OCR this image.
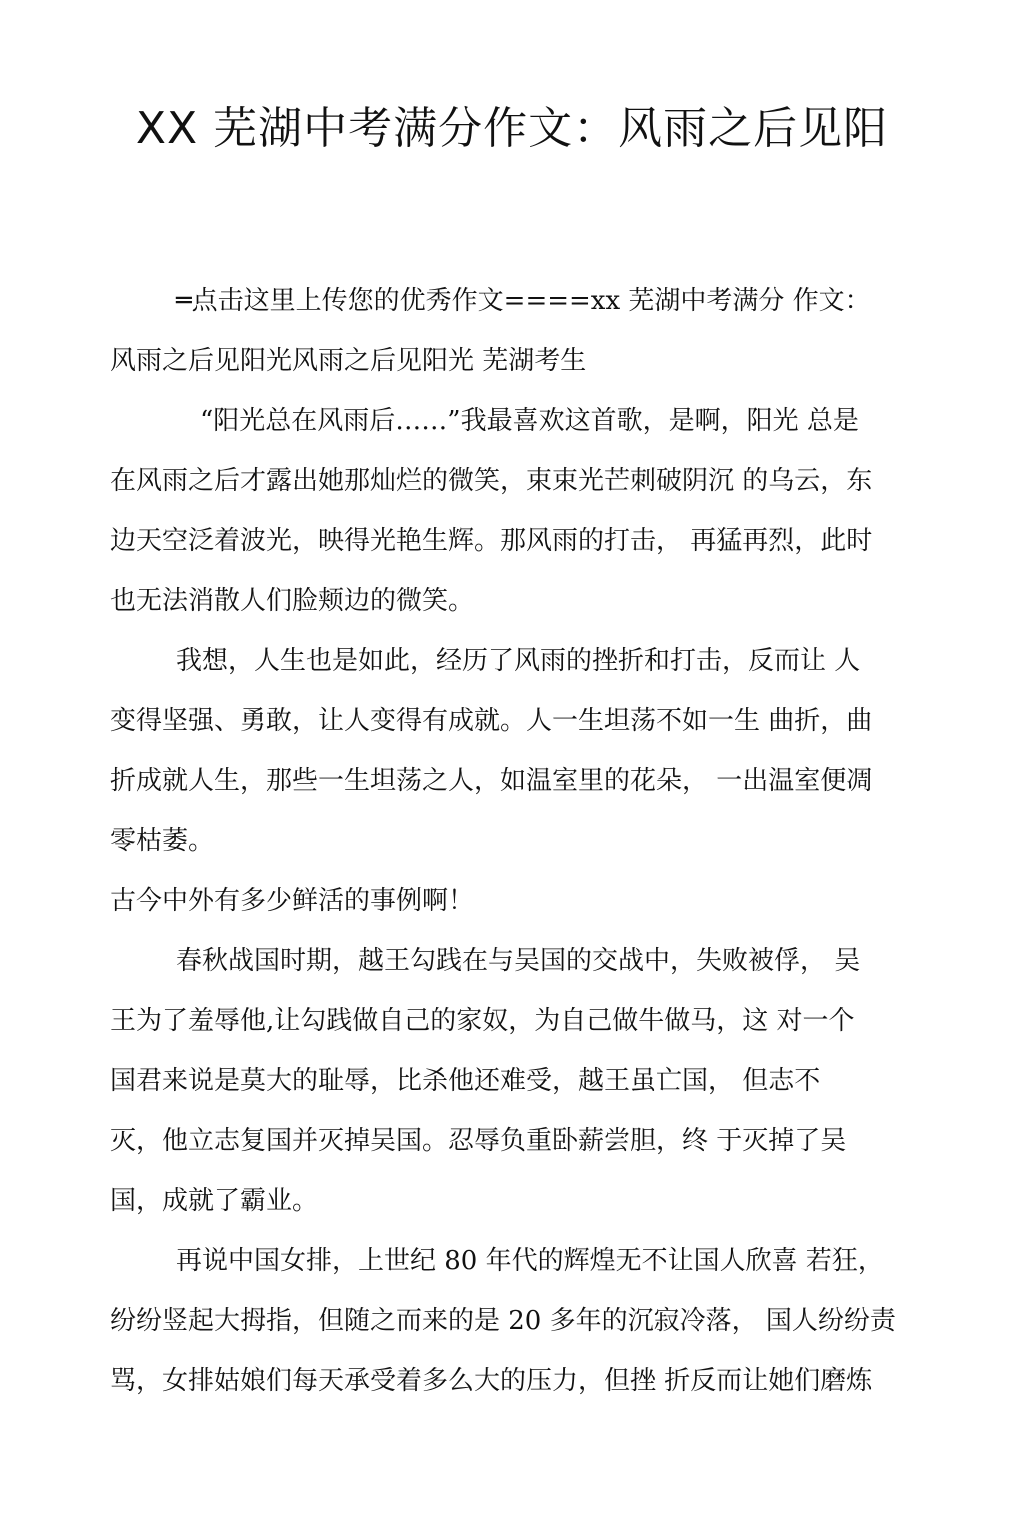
XX 芜湖中考满分作文：风雨之后见阳

═点击这里上传您的优秀作文====xx 芜湖中考满分 作文：

风雨之后见阳光风雨之后见阳光 芜湖考生

“阳光总在风雨后……”我最喜欢这首歌，是啊，阳光 总是

在风雨之后才露出她那灿烂的微笑，束束光芒刺破阴沉 的乌云，东

边天空泛着波光，映得光艳生辉。那风雨的打击， 再猛再烈，此时

也无法消散人们脸颊边的微笑。

我想，人生也是如此，经历了风雨的挫折和打击，反而让 人

变得坚强、勇敢，让人变得有成就。人一生坦荡不如一生 曲折，曲

折成就人生，那些一生坦荡之人，如温室里的花朵， 一出温室便凋

零枯萎。

古今中外有多少鲜活的事例啊！

春秋战国时期，越王勾践在与吴国的交战中，失败被俘， 吴

王为了羞辱他,让勾践做自己的家奴，为自己做牛做马，这 对一个

国君来说是莫大的耻辱，比杀他还难受，越王虽亡国， 但志不

灭，他立志复国并灭掉吴国。忍辱负重卧薪尝胆，终 于灭掉了吴

国，成就了霸业。

再说中国女排，上世纪 80 年代的辉煌无不让国人欣喜 若狂，

纷纷竖起大拇指，但随之而来的是 20 多年的沉寂冷落， 国人纷纷责

骂，女排姑娘们每天承受着多么大的压力，但挫 折反而让她们磨炼
